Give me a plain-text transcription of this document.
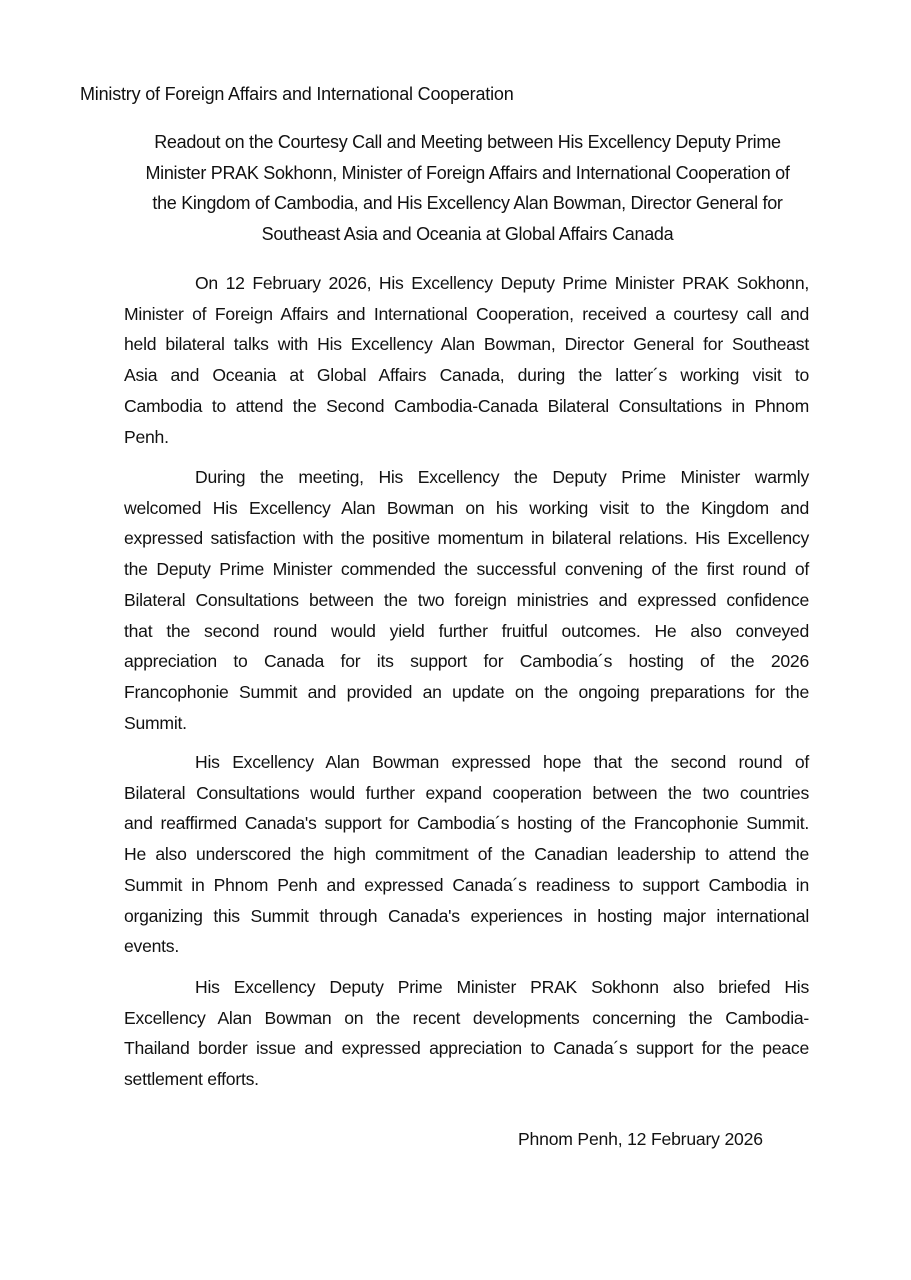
Ministry of Foreign Affairs and International Cooperation
Readout on the Courtesy Call and Meeting between His Excellency Deputy Prime
Minister PRAK Sokhonn, Minister of Foreign Affairs and International Cooperation of
the Kingdom of Cambodia, and His Excellency Alan Bowman, Director General for
Southeast Asia and Oceania at Global Affairs Canada
On 12 February 2026, His Excellency Deputy Prime Minister PRAK Sokhonn,
Minister of Foreign Affairs and International Cooperation, received a courtesy call and
held bilateral talks with His Excellency Alan Bowman, Director General for Southeast
Asia and Oceania at Global Affairs Canada, during the latter´s working visit to
Cambodia to attend the Second Cambodia-Canada Bilateral Consultations in Phnom
Penh.
During the meeting, His Excellency the Deputy Prime Minister warmly
welcomed His Excellency Alan Bowman on his working visit to the Kingdom and
expressed satisfaction with the positive momentum in bilateral relations. His Excellency
the Deputy Prime Minister commended the successful convening of the first round of
Bilateral Consultations between the two foreign ministries and expressed confidence
that the second round would yield further fruitful outcomes. He also conveyed
appreciation to Canada for its support for Cambodia´s hosting of the 2026
Francophonie Summit and provided an update on the ongoing preparations for the
Summit.
His Excellency Alan Bowman expressed hope that the second round of
Bilateral Consultations would further expand cooperation between the two countries
and reaffirmed Canada's support for Cambodia´s hosting of the Francophonie Summit.
He also underscored the high commitment of the Canadian leadership to attend the
Summit in Phnom Penh and expressed Canada´s readiness to support Cambodia in
organizing this Summit through Canada's experiences in hosting major international
events.
His Excellency Deputy Prime Minister PRAK Sokhonn also briefed His
Excellency Alan Bowman on the recent developments concerning the Cambodia-
Thailand border issue and expressed appreciation to Canada´s support for the peace
settlement efforts.
Phnom Penh, 12 February 2026
